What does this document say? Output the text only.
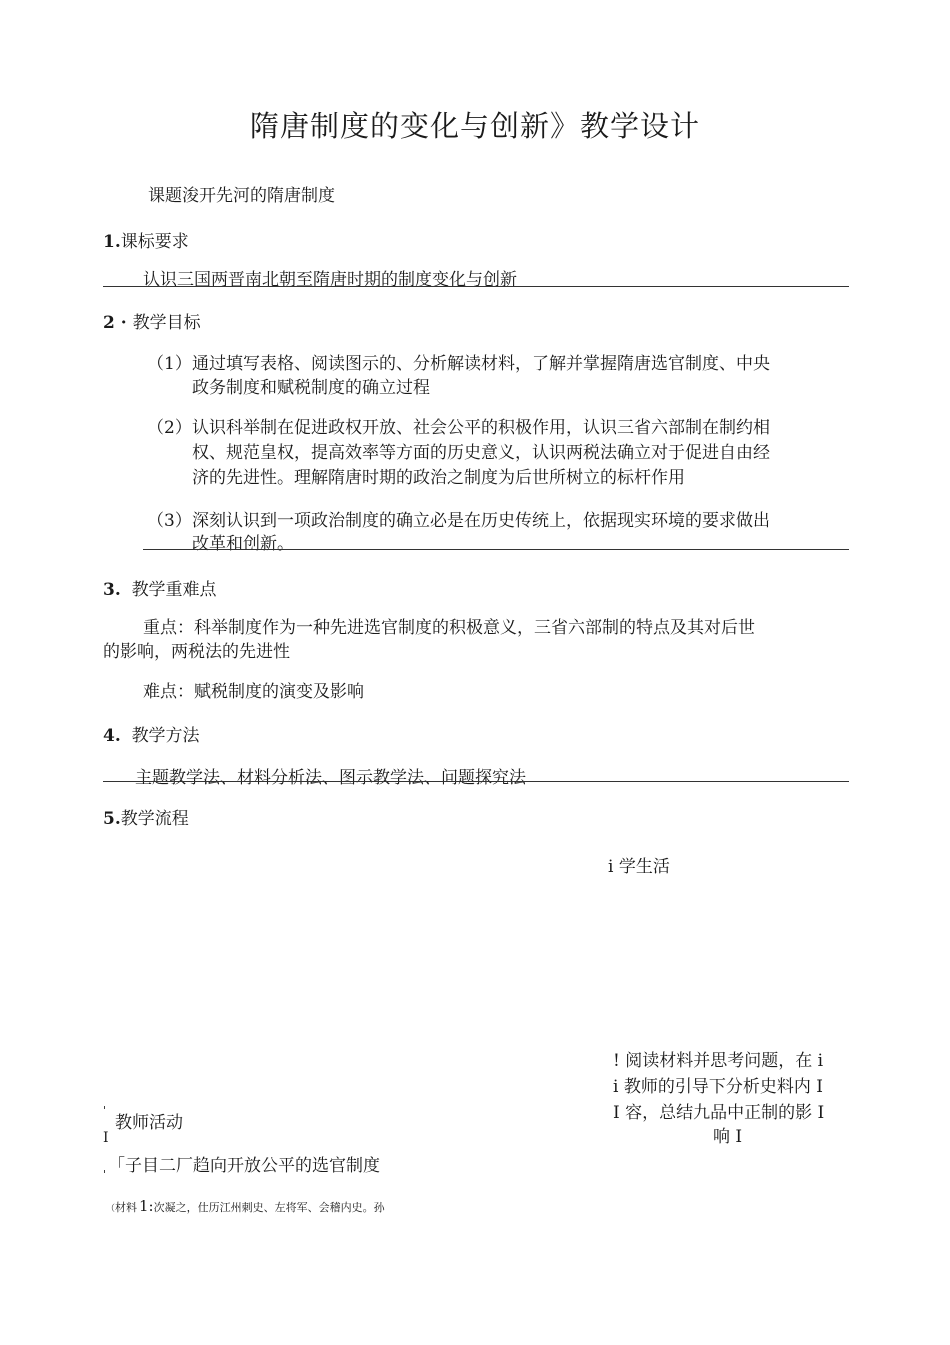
隋唐制度的变化与创新》教学设计
课题浚开先河的隋唐制度
1.课标要求
认识三国两晋南北朝至隋唐时期的制度变化与创新
2 · 教学目标
（1） 通过填写表格、阅读图示的、分析解读材料，了解并掌握隋唐选官制度、中央
政务制度和赋税制度的确立过程
（2） 认识科举制在促进政权开放、社会公平的积极作用，认识三省六部制在制约相
权、规范皇权，提高效率等方面的历史意义，认识两税法确立对于促进自由经
济的先进性。理解隋唐时期的政治之制度为后世所树立的标杆作用
（3） 深刻认识到一项政治制度的确立必是在历史传统上，依据现实环境的要求做出
改革和创新。
3. 教学重难点
重点：科举制度作为一种先进选官制度的积极意义，三省六部制的特点及其对后世
的影响，两税法的先进性
难点：赋税制度的演变及影响
4. 教学方法
主题教学法、材料分析法、图示教学法、问题探究法
5.教学流程
i 学生活
! 阅读材料并思考问题，在 i
i 教师的引导下分析史料内 I
I 容，总结九品中正制的影 I
响 I
'
教师活动
I
「子目二厂趋向开放公平的选官制度
'
（材料 1:次凝之，仕历江州刺史、左将军、会稽内史。孙
